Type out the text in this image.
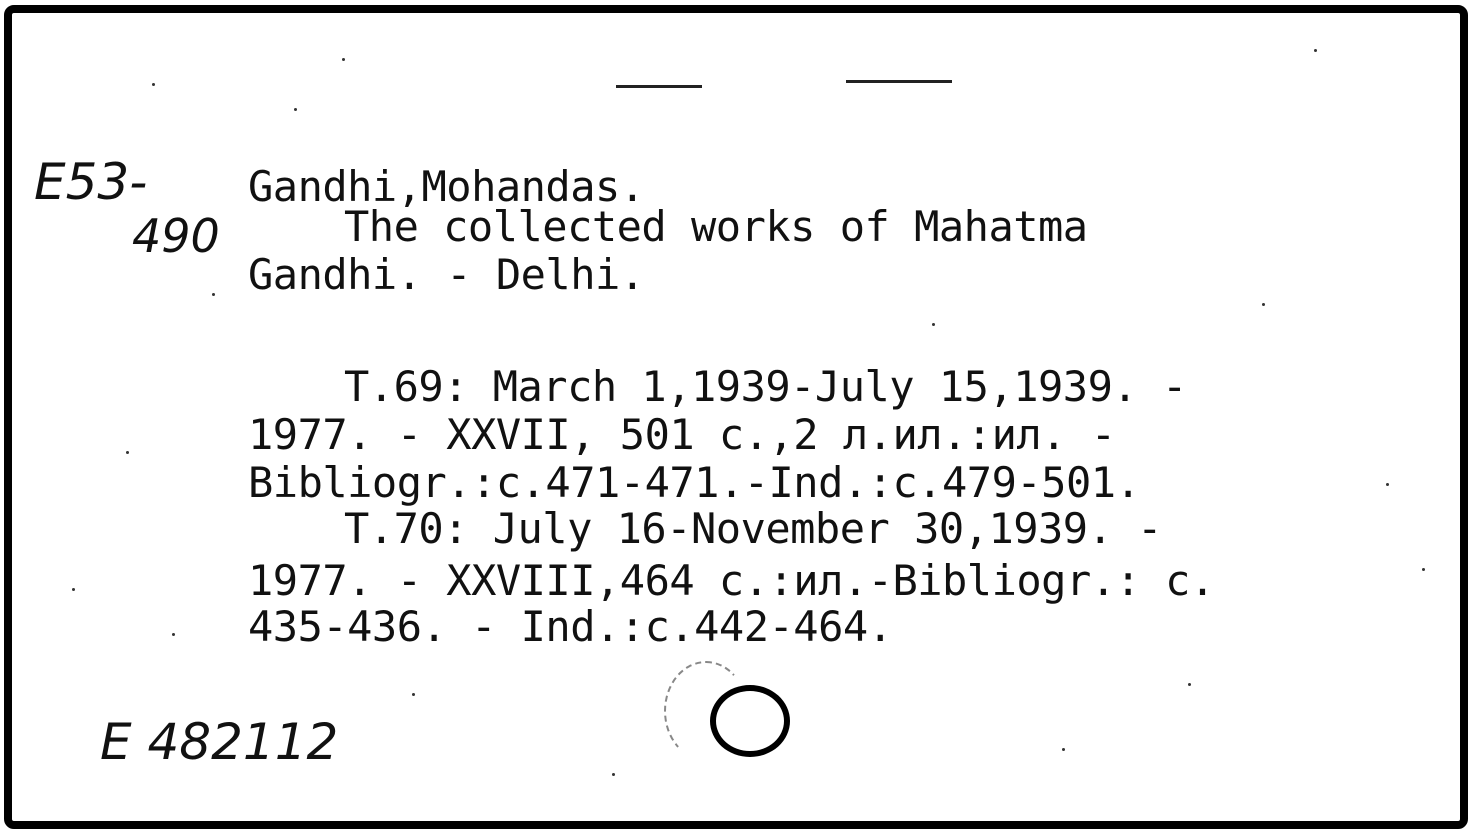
E53-
490
Gandhi,Mohandas.
The collected works of Mahatma
Gandhi. - Delhi.
T.69: March 1,1939-July 15,1939. -
1977. - XXVII, 501 c.,2 л.ил.:ил. -
Bibliogr.:c.471-471.-Ind.:c.479-501.
T.70: July 16-November 30,1939. -
1977. - XXVIII,464 c.:ил.-Bibliogr.: c.
435-436. - Ind.:c.442-464.
E 482112
